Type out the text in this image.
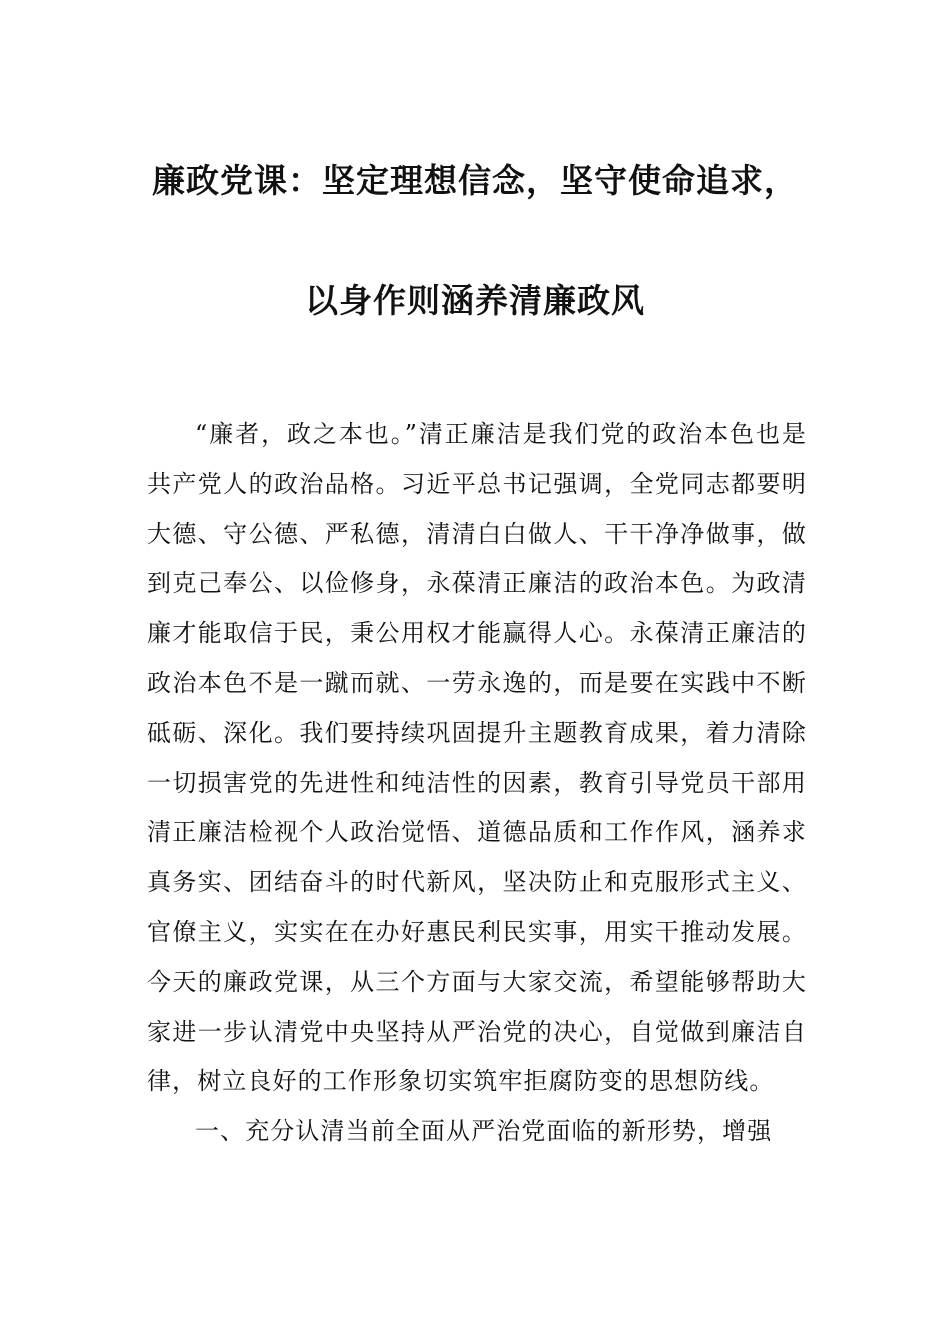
廉政党课：坚定理想信念，坚守使命追求，
以身作则涵养清廉政风

“廉者，政之本也。”清正廉洁是我们党的政治本色也是共产党人的政治品格。习近平总书记强调，全党同志都要明大德、守公德、严私德，清清白白做人、干干净净做事，做到克己奉公、以俭修身，永葆清正廉洁的政治本色。为政清廉才能取信于民，秉公用权才能赢得人心。永葆清正廉洁的政治本色不是一蹴而就、一劳永逸的，而是要在实践中不断砥砺、深化。我们要持续巩固提升主题教育成果，着力清除一切损害党的先进性和纯洁性的因素，教育引导党员干部用清正廉洁检视个人政治觉悟、道德品质和工作作风，涵养求真务实、团结奋斗的时代新风，坚决防止和克服形式主义、官僚主义，实实在在办好惠民利民实事，用实干推动发展。今天的廉政党课，从三个方面与大家交流，希望能够帮助大家进一步认清党中央坚持从严治党的决心，自觉做到廉洁自律，树立良好的工作形象切实筑牢拒腐防变的思想防线。

一、充分认清当前全面从严治党面临的新形势，增强
